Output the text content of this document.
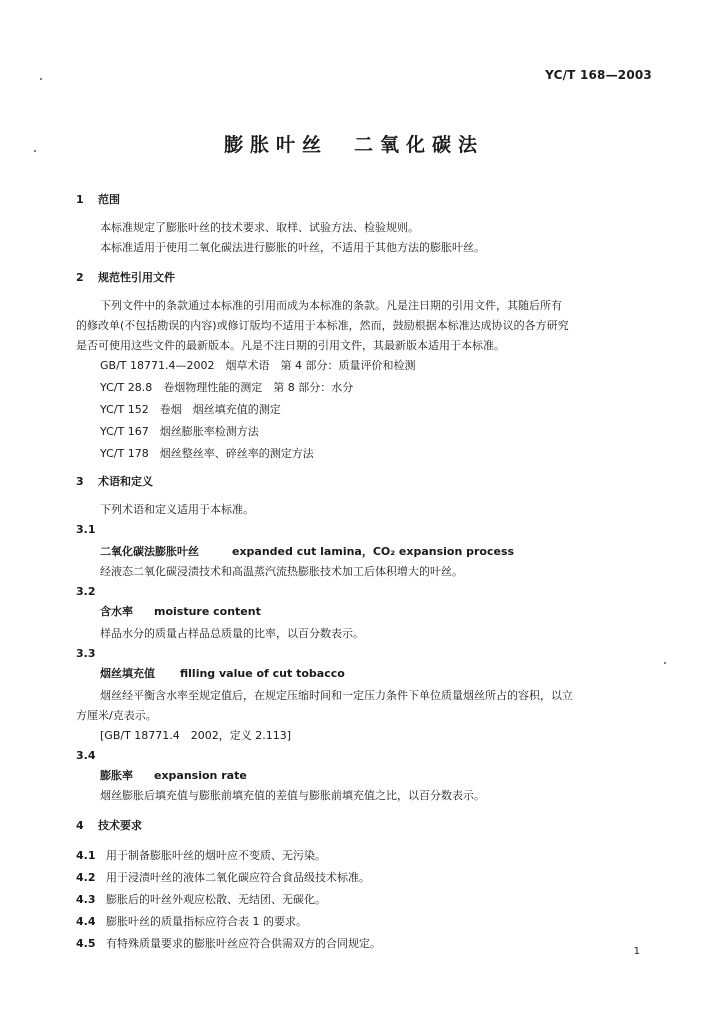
YC/T 168—2003
膨胀叶丝　二氧化碳法
1 范围
本标准规定了膨胀叶丝的技术要求、取样、试验方法、检验规则。
本标准适用于使用二氧化碳法进行膨胀的叶丝，不适用于其他方法的膨胀叶丝。
2 规范性引用文件
下列文件中的条款通过本标准的引用而成为本标准的条款。凡是注日期的引用文件，其随后所有
的修改单(不包括勘误的内容)或修订版均不适用于本标准，然而，鼓励根据本标准达成协议的各方研究
是否可使用这些文件的最新版本。凡是不注日期的引用文件，其最新版本适用于本标准。
GB/T 18771.4—2002　烟草术语　第 4 部分：质量评价和检测
YC/T 28.8　卷烟物理性能的测定　第 8 部分：水分
YC/T 152　卷烟　烟丝填充值的测定
YC/T 167　烟丝膨胀率检测方法
YC/T 178　烟丝整丝率、碎丝率的测定方法
3 术语和定义
下列术语和定义适用于本标准。
3.1
二氧化碳法膨胀叶丝	expanded cut lamina，CO₂ expansion process
经液态二氧化碳浸渍技术和高温蒸汽流热膨胀技术加工后体积增大的叶丝。
3.2
含水率 moisture content
样品水分的质量占样品总质量的比率，以百分数表示。
3.3
烟丝填充值 filling value of cut tobacco
烟丝经平衡含水率至规定值后，在规定压缩时间和一定压力条件下单位质量烟丝所占的容积，以立
方厘米/克表示。
[GB/T 18771.4　2002，定义 2.113]
3.4
膨胀率 expansion rate
烟丝膨胀后填充值与膨胀前填充值的差值与膨胀前填充值之比，以百分数表示。
4 技术要求
4.1 用于制备膨胀叶丝的烟叶应不变质、无污染。
4.2 用于浸渍叶丝的液体二氧化碳应符合食品级技术标准。
4.3 膨胀后的叶丝外观应松散、无结团、无碳化。
4.4 膨胀叶丝的质量指标应符合表 1 的要求。
4.5 有特殊质量要求的膨胀叶丝应符合供需双方的合同规定。
1
